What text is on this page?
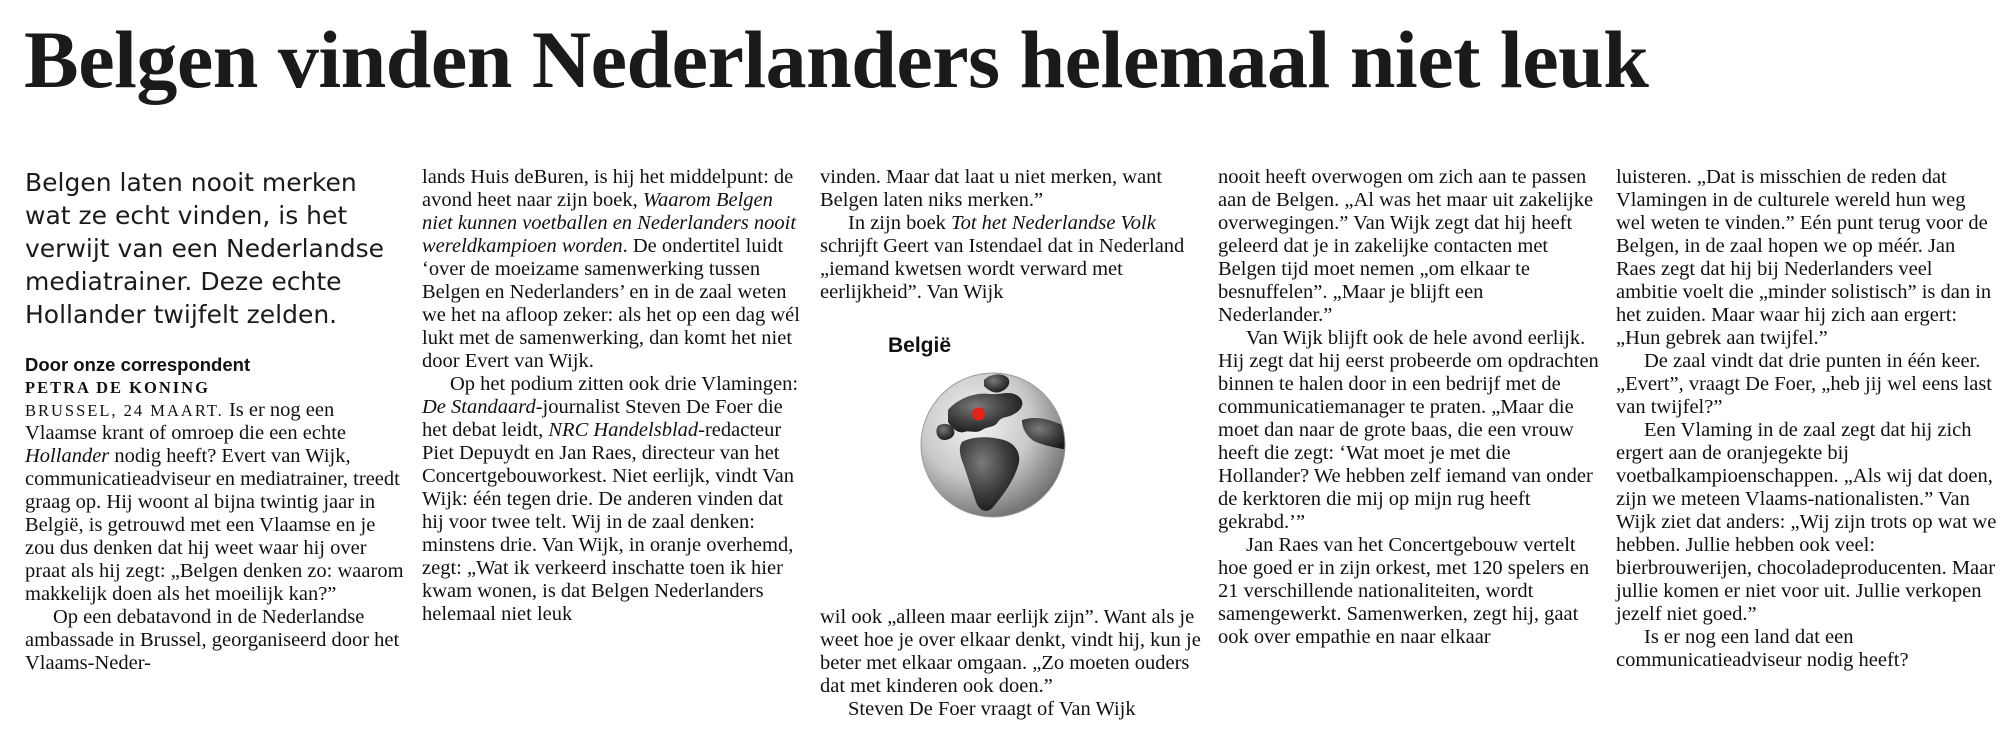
Belgen vinden Nederlanders helemaal niet leuk
Belgen laten nooit merken wat ze echt vinden, is het verwijt van een Nederlandse mediatrainer. Deze echte Hollander twijfelt zelden.
Door onze correspondent
PETRA DE KONING

BRUSSEL, 24 MAART. Is er nog een Vlaamse krant of omroep die een echte Hollander nodig heeft? Evert van Wijk, communicatieadviseur en mediatrainer, treedt graag op. Hij woont al bijna twintig jaar in België, is getrouwd met een Vlaamse en je zou dus denken dat hij weet waar hij over praat als hij zegt: „Belgen denken zo: waarom makkelijk doen als het moeilijk kan?”

Op een debatavond in de Nederlandse ambassade in Brussel, georganiseerd door het Vlaams-Neder-

lands Huis deBuren, is hij het middelpunt: de avond heet naar zijn boek, Waarom Belgen niet kunnen voetballen en Nederlanders nooit wereldkampioen worden. De ondertitel luidt ‘over de moeizame samenwerking tussen Belgen en Nederlanders’ en in de zaal weten we het na afloop zeker: als het op een dag wél lukt met de samenwerking, dan komt het niet door Evert van Wijk.

Op het podium zitten ook drie Vlamingen: De Standaard-journalist Steven De Foer die het debat leidt, NRC Handelsblad-redacteur Piet Depuydt en Jan Raes, directeur van het Concertgebouworkest. Niet eerlijk, vindt Van Wijk: één tegen drie. De anderen vinden dat hij voor twee telt. Wij in de zaal denken: minstens drie. Van Wijk, in oranje overhemd, zegt: „Wat ik verkeerd inschatte toen ik hier kwam wonen, is dat Belgen Nederlanders helemaal niet leuk

vinden. Maar dat laat u niet merken, want Belgen laten niks merken.”

In zijn boek Tot het Nederlandse Volk schrijft Geert van Istendael dat in Nederland „iemand kwetsen wordt verward met eerlijkheid”. Van Wijk

België

wil ook „alleen maar eerlijk zijn”. Want als je weet hoe je over elkaar denkt, vindt hij, kun je beter met elkaar omgaan. „Zo moeten ouders dat met kinderen ook doen.”

Steven De Foer vraagt of Van Wijk

nooit heeft overwogen om zich aan te passen aan de Belgen. „Al was het maar uit zakelijke overwegingen.” Van Wijk zegt dat hij heeft geleerd dat je in zakelijke contacten met Belgen tijd moet nemen „om elkaar te besnuffelen”. „Maar je blijft een Nederlander.”

Van Wijk blijft ook de hele avond eerlijk. Hij zegt dat hij eerst probeerde om opdrachten binnen te halen door in een bedrijf met de communicatiemanager te praten. „Maar die moet dan naar de grote baas, die een vrouw heeft die zegt: ‘Wat moet je met die Hollander? We hebben zelf iemand van onder de kerktoren die mij op mijn rug heeft gekrabd.’”

Jan Raes van het Concertgebouw vertelt hoe goed er in zijn orkest, met 120 spelers en 21 verschillende nationaliteiten, wordt samengewerkt. Samenwerken, zegt hij, gaat ook over empathie en naar elkaar

luisteren. „Dat is misschien de reden dat Vlamingen in de culturele wereld hun weg wel weten te vinden.” Eén punt terug voor de Belgen, in de zaal hopen we op méér. Jan Raes zegt dat hij bij Nederlanders veel ambitie voelt die „minder solistisch” is dan in het zuiden. Maar waar hij zich aan ergert: „Hun gebrek aan twijfel.”

De zaal vindt dat drie punten in één keer. „Evert”, vraagt De Foer, „heb jij wel eens last van twijfel?”

Een Vlaming in de zaal zegt dat hij zich ergert aan de oranjegekte bij voetbalkampioenschappen. „Als wij dat doen, zijn we meteen Vlaams-nationalisten.” Van Wijk ziet dat anders: „Wij zijn trots op wat we hebben. Jullie hebben ook veel: bierbrouwerijen, chocoladeproducenten. Maar jullie komen er niet voor uit. Jullie verkopen jezelf niet goed.”

Is er nog een land dat een communicatieadviseur nodig heeft?
